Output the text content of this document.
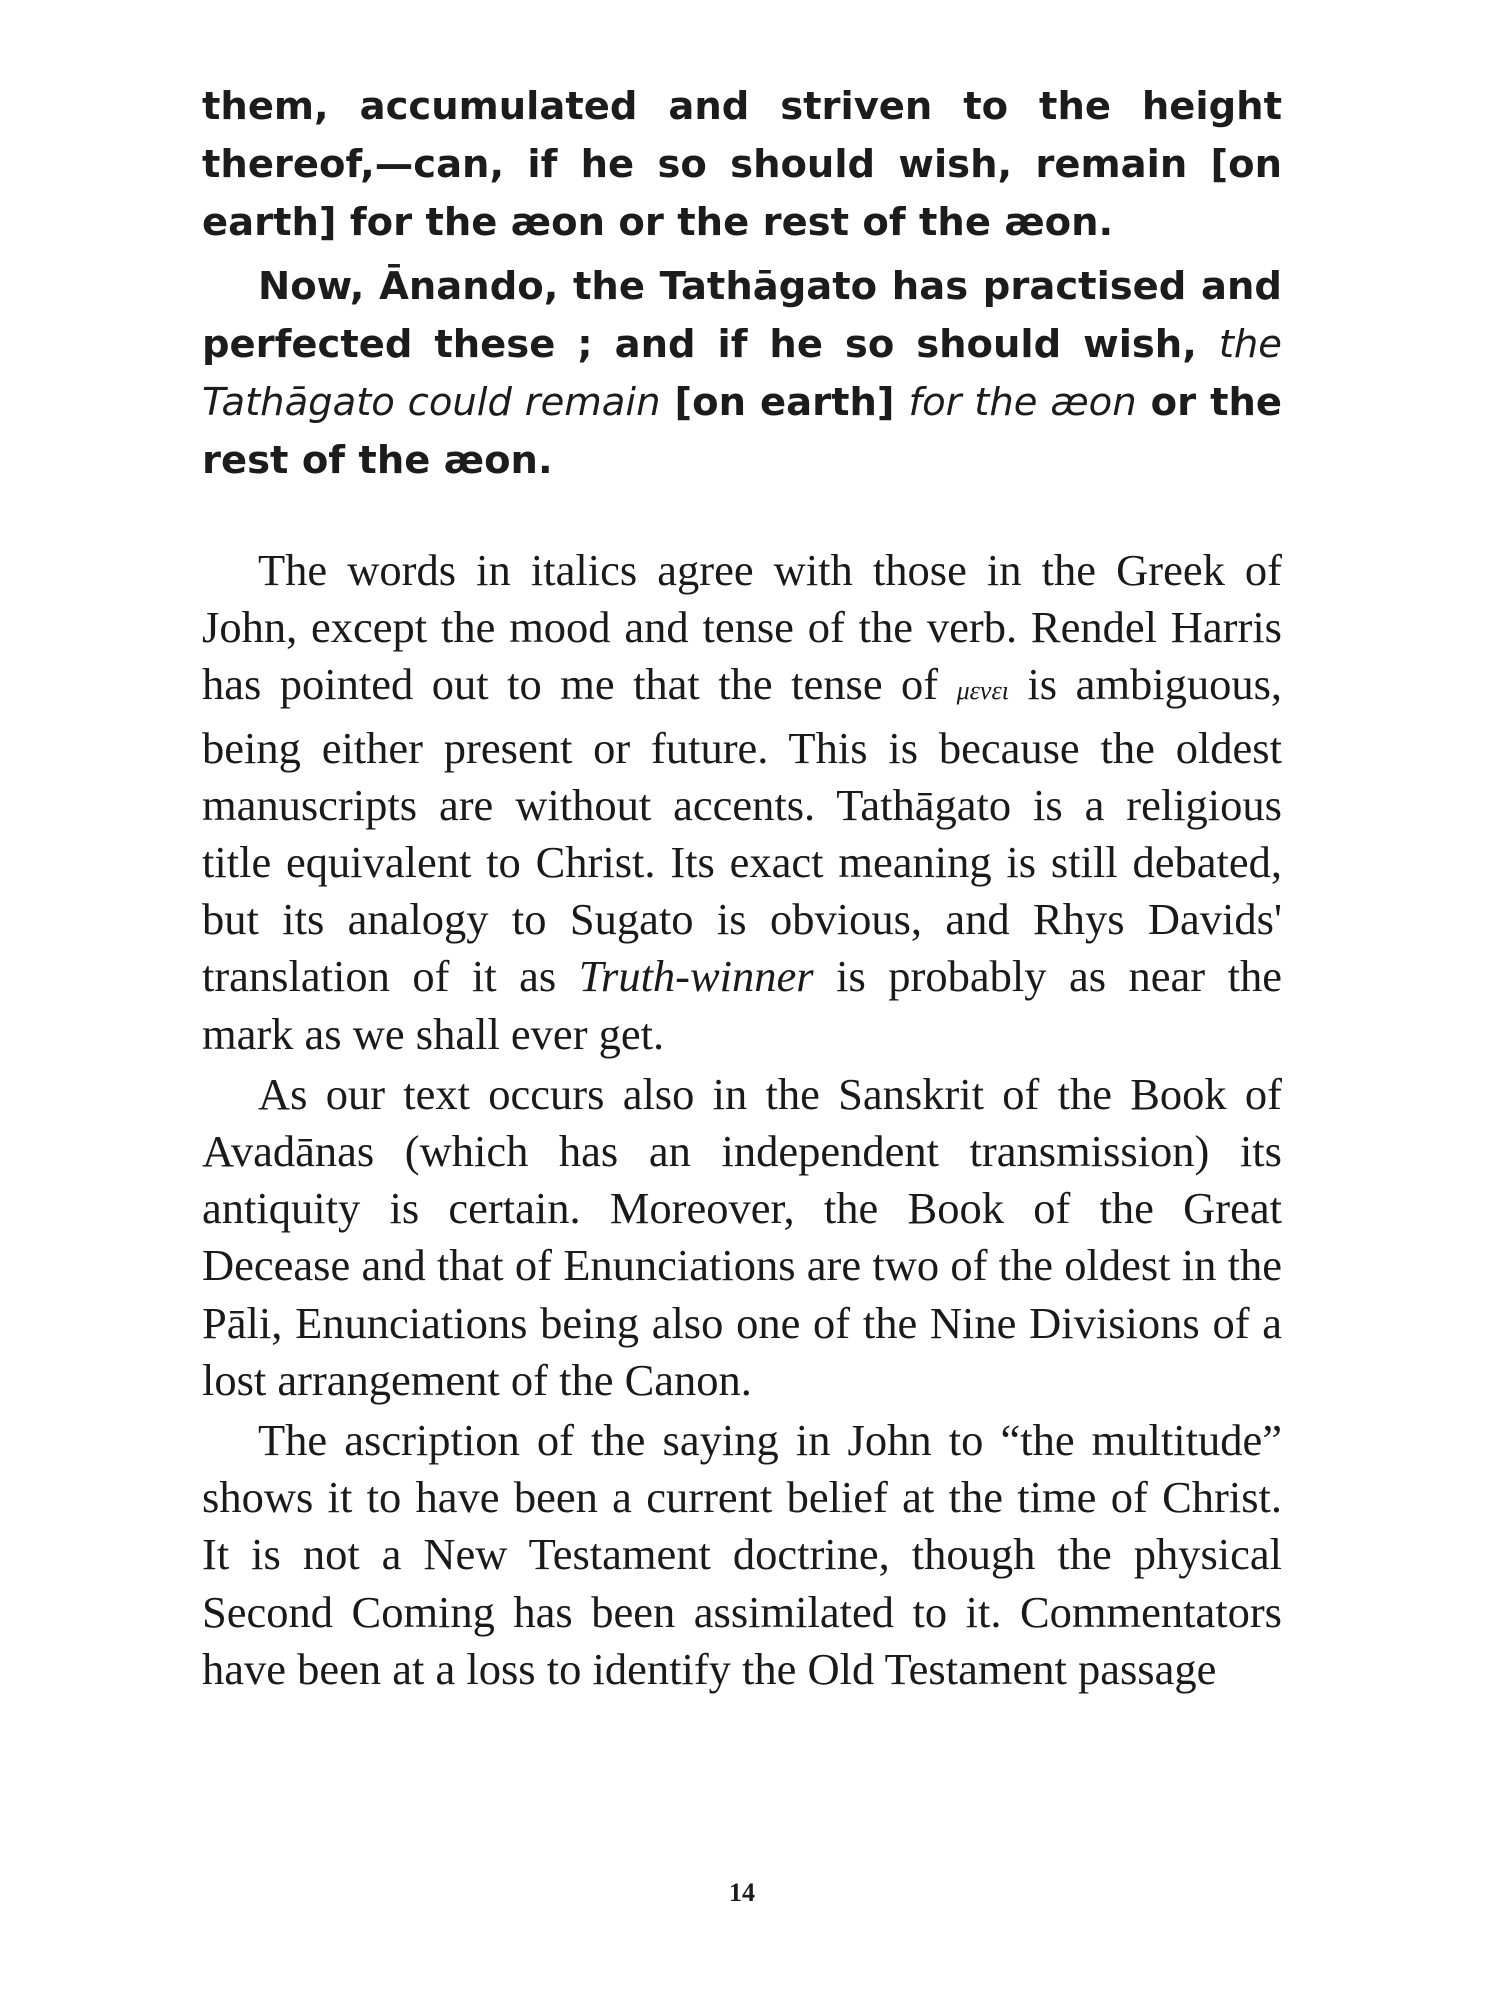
them, accumulated and striven to the height thereof,—can, if he so should wish, remain [on earth] for the æon or the rest of the æon.

Now, Ānando, the Tathāgato has practised and perfected these ; and if he so should wish, the Tathāgato could remain [on earth] for the æon or the rest of the æon.

The words in italics agree with those in the Greek of John, except the mood and tense of the verb. Rendel Harris has pointed out to me that the tense of μενει is ambiguous, being either present or future. This is because the oldest manuscripts are without accents. Tathāgato is a religious title equivalent to Christ. Its exact meaning is still debated, but its analogy to Sugato is obvious, and Rhys Davids' translation of it as Truth-winner is probably as near the mark as we shall ever get.

As our text occurs also in the Sanskrit of the Book of Avadānas (which has an independent transmission) its antiquity is certain. Moreover, the Book of the Great Decease and that of Enunciations are two of the oldest in the Pāli, Enunciations being also one of the Nine Divisions of a lost arrangement of the Canon.

The ascription of the saying in John to “the multitude” shows it to have been a current belief at the time of Christ. It is not a New Testament doctrine, though the physical Second Coming has been assimilated to it. Commentators have been at a loss to identify the Old Testament passage

14
